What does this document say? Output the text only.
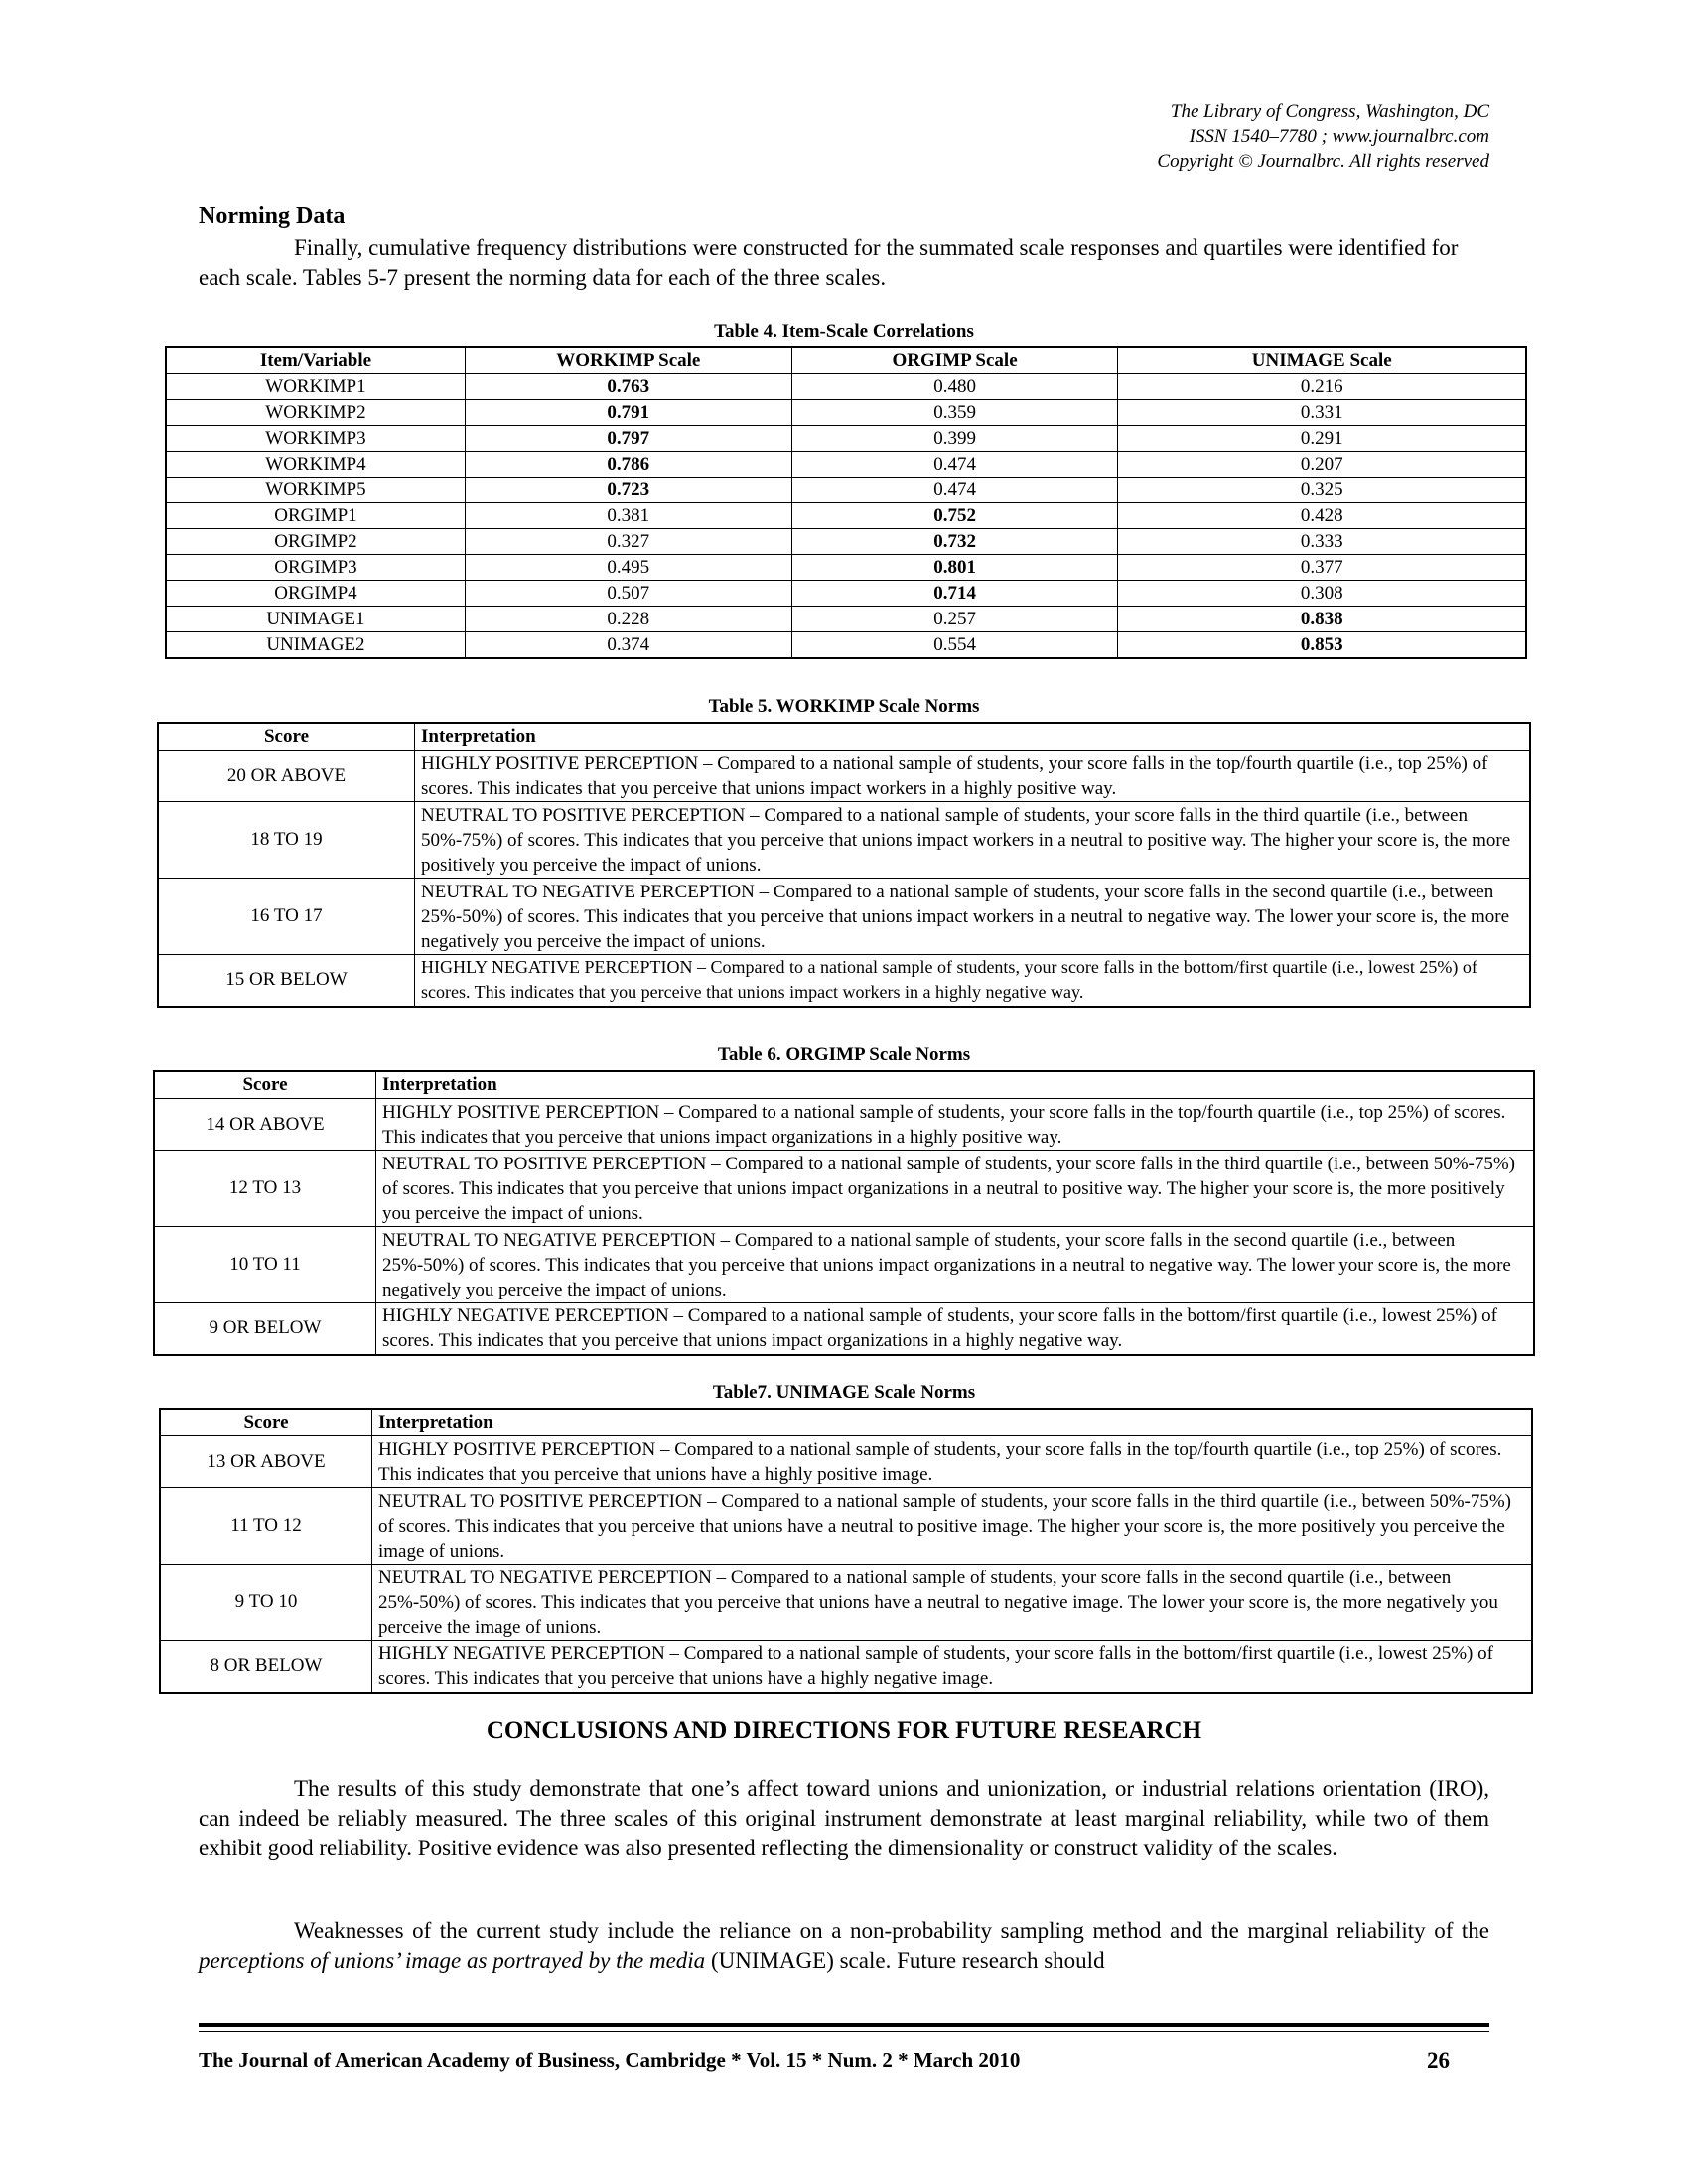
The Library of Congress, Washington, DC
ISSN 1540–7780 ; www.journalbrc.com
Copyright © Journalbrc. All rights reserved
Norming Data
Finally, cumulative frequency distributions were constructed for the summated scale responses and quartiles were identified for each scale. Tables 5-7 present the norming data for each of the three scales.
Table 4. Item-Scale Correlations
Item/Variable	WORKIMP Scale	ORGIMP Scale	UNIMAGE Scale
WORKIMP1	0.763	0.480	0.216
WORKIMP2	0.791	0.359	0.331
WORKIMP3	0.797	0.399	0.291
WORKIMP4	0.786	0.474	0.207
WORKIMP5	0.723	0.474	0.325
ORGIMP1	0.381	0.752	0.428
ORGIMP2	0.327	0.732	0.333
ORGIMP3	0.495	0.801	0.377
ORGIMP4	0.507	0.714	0.308
UNIMAGE1	0.228	0.257	0.838
UNIMAGE2	0.374	0.554	0.853
Table 5. WORKIMP Scale Norms
Score	Interpretation
20 OR ABOVE	HIGHLY POSITIVE PERCEPTION – Compared to a national sample of students, your score falls in the top/fourth quartile (i.e., top 25%) of scores. This indicates that you perceive that unions impact workers in a highly positive way.
18 TO 19	NEUTRAL TO POSITIVE PERCEPTION – Compared to a national sample of students, your score falls in the third quartile (i.e., between 50%-75%) of scores. This indicates that you perceive that unions impact workers in a neutral to positive way. The higher your score is, the more positively you perceive the impact of unions.
16 TO 17	NEUTRAL TO NEGATIVE PERCEPTION – Compared to a national sample of students, your score falls in the second quartile (i.e., between 25%-50%) of scores. This indicates that you perceive that unions impact workers in a neutral to negative way. The lower your score is, the more negatively you perceive the impact of unions.
15 OR BELOW	HIGHLY NEGATIVE PERCEPTION – Compared to a national sample of students, your score falls in the bottom/first quartile (i.e., lowest 25%) of scores. This indicates that you perceive that unions impact workers in a highly negative way.
Table 6. ORGIMP Scale Norms
Score	Interpretation
14 OR ABOVE	HIGHLY POSITIVE PERCEPTION – Compared to a national sample of students, your score falls in the top/fourth quartile (i.e., top 25%) of scores. This indicates that you perceive that unions impact organizations in a highly positive way.
12 TO 13	NEUTRAL TO POSITIVE PERCEPTION – Compared to a national sample of students, your score falls in the third quartile (i.e., between 50%-75%) of scores. This indicates that you perceive that unions impact organizations in a neutral to positive way. The higher your score is, the more positively you perceive the impact of unions.
10 TO 11	NEUTRAL TO NEGATIVE PERCEPTION – Compared to a national sample of students, your score falls in the second quartile (i.e., between 25%-50%) of scores. This indicates that you perceive that unions impact organizations in a neutral to negative way. The lower your score is, the more negatively you perceive the impact of unions.
9 OR BELOW	HIGHLY NEGATIVE PERCEPTION – Compared to a national sample of students, your score falls in the bottom/first quartile (i.e., lowest 25%) of scores. This indicates that you perceive that unions impact organizations in a highly negative way.
Table7. UNIMAGE Scale Norms
Score	Interpretation
13 OR ABOVE	HIGHLY POSITIVE PERCEPTION – Compared to a national sample of students, your score falls in the top/fourth quartile (i.e., top 25%) of scores. This indicates that you perceive that unions have a highly positive image.
11 TO 12	NEUTRAL TO POSITIVE PERCEPTION – Compared to a national sample of students, your score falls in the third quartile (i.e., between 50%-75%) of scores. This indicates that you perceive that unions have a neutral to positive image. The higher your score is, the more positively you perceive the image of unions.
9 TO 10	NEUTRAL TO NEGATIVE PERCEPTION – Compared to a national sample of students, your score falls in the second quartile (i.e., between 25%-50%) of scores. This indicates that you perceive that unions have a neutral to negative image. The lower your score is, the more negatively you perceive the image of unions.
8 OR BELOW	HIGHLY NEGATIVE PERCEPTION – Compared to a national sample of students, your score falls in the bottom/first quartile (i.e., lowest 25%) of scores. This indicates that you perceive that unions have a highly negative image.
CONCLUSIONS AND DIRECTIONS FOR FUTURE RESEARCH
The results of this study demonstrate that one’s affect toward unions and unionization, or industrial relations orientation (IRO), can indeed be reliably measured. The three scales of this original instrument demonstrate at least marginal reliability, while two of them exhibit good reliability. Positive evidence was also presented reflecting the dimensionality or construct validity of the scales.
Weaknesses of the current study include the reliance on a non-probability sampling method and the marginal reliability of the perceptions of unions’ image as portrayed by the media (UNIMAGE) scale. Future research should
The Journal of American Academy of Business, Cambridge * Vol. 15 * Num. 2 * March 2010	26
